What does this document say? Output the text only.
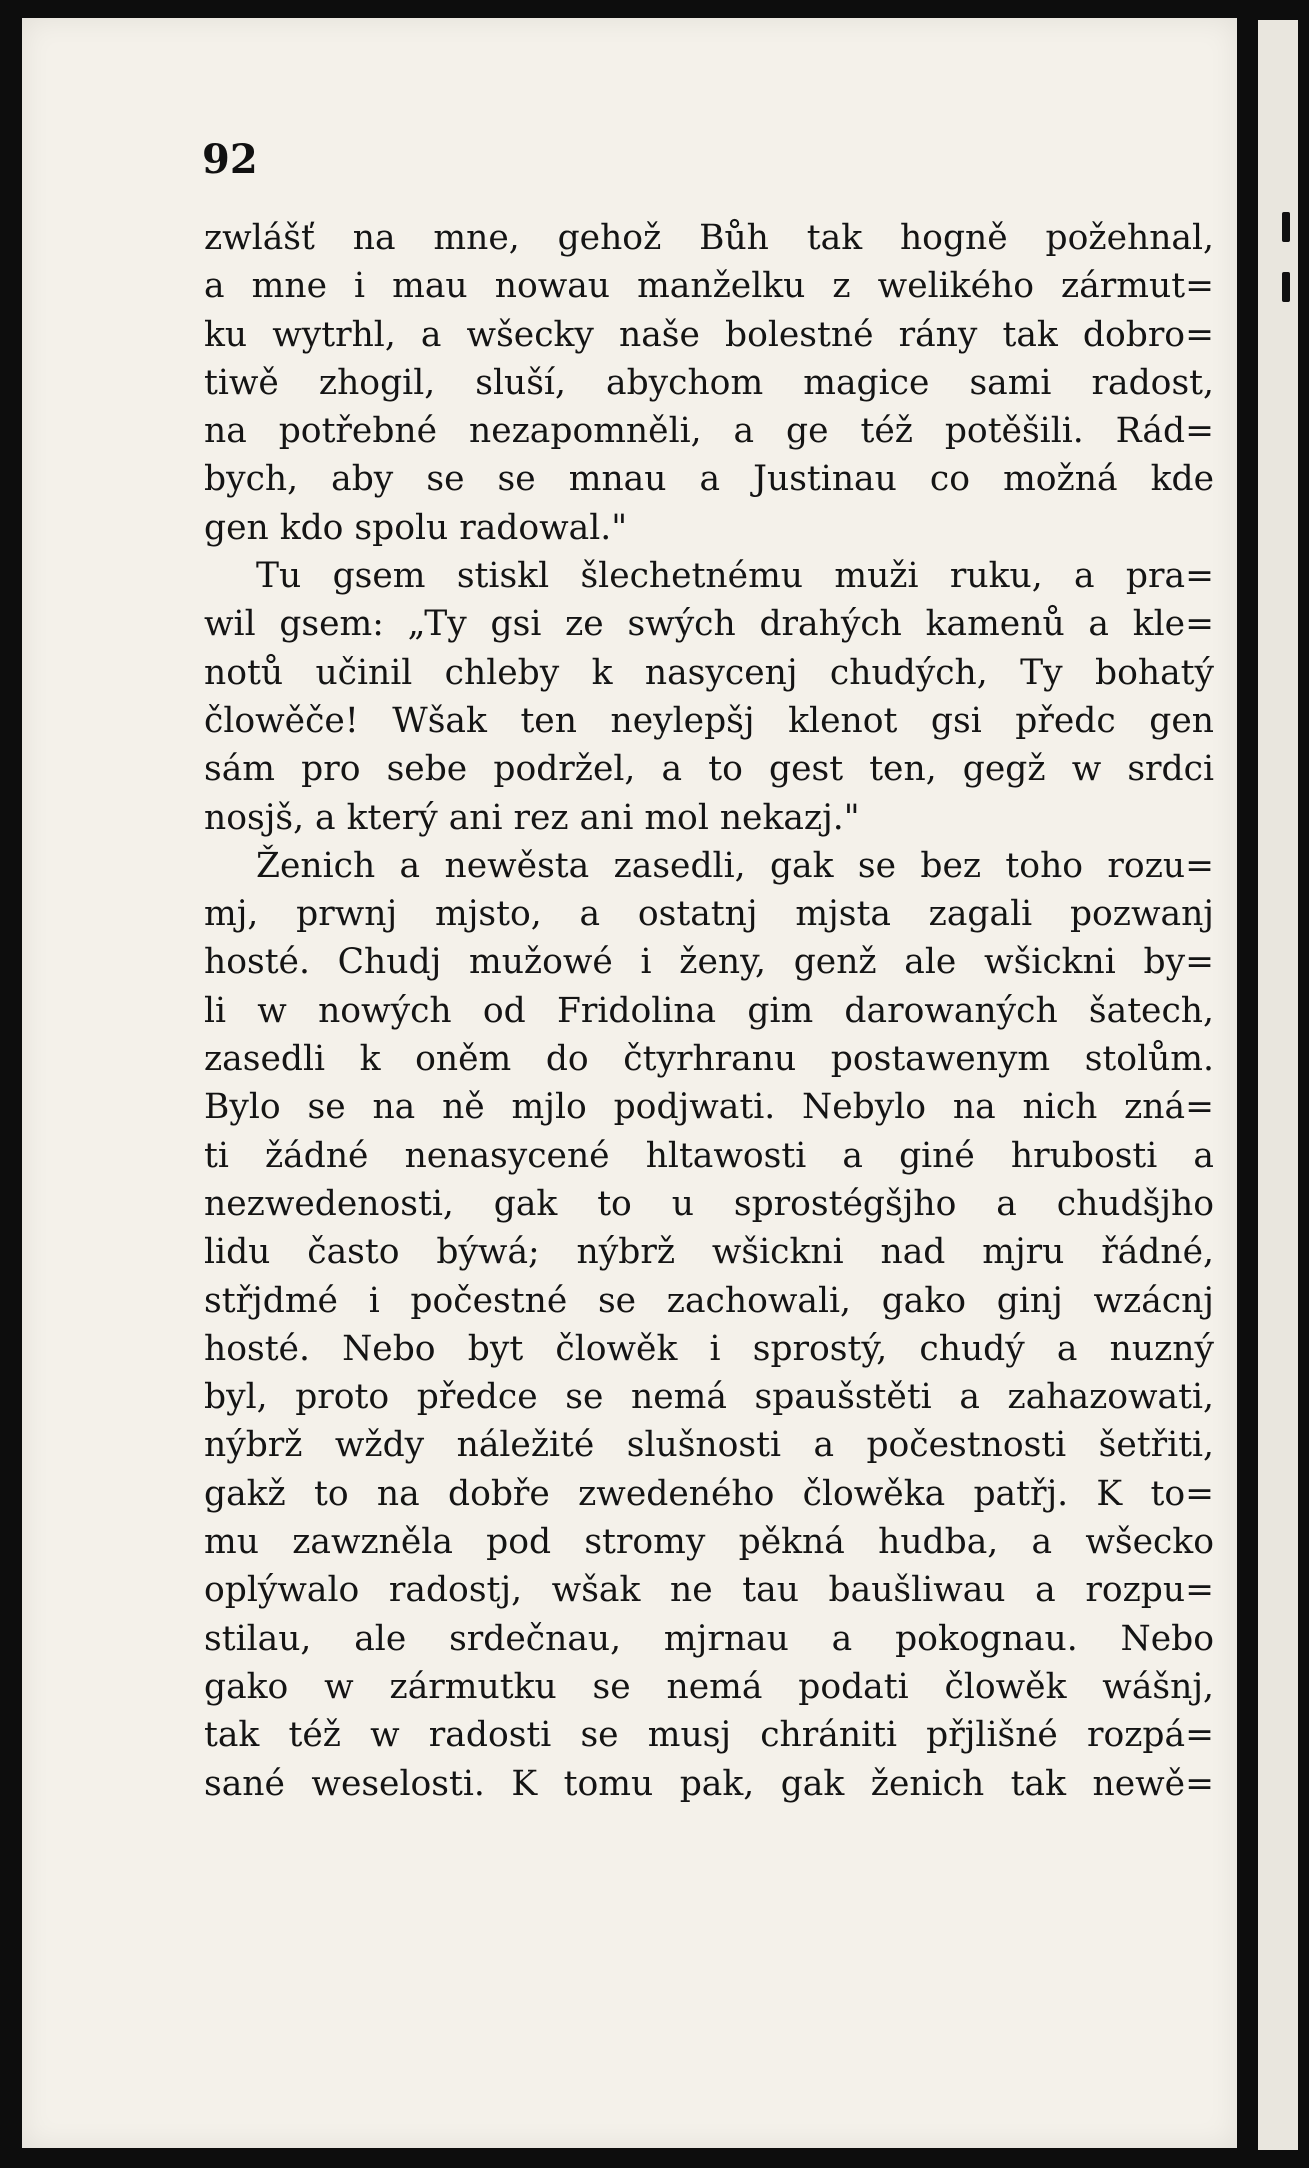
92
zwlášť na mne, gehož Bůh tak hogně požehnal,
a mne i mau nowau manželku z welikého zármut=
ku wytrhl, a wšecky naše bolestné rány tak dobro=
tiwě zhogil, sluší, abychom magice sami radost,
na potřebné nezapomněli, a ge též potěšili. Rád=
bych, aby se se mnau a Justinau co možná kde
gen kdo spolu radowal."
Tu gsem stiskl šlechetnému muži ruku, a pra=
wil gsem: „Ty gsi ze swých drahých kamenů a kle=
notů učinil chleby k nasycenj chudých, Ty bohatý
člowěče! Wšak ten neylepšj klenot gsi předc gen
sám pro sebe podržel, a to gest ten, gegž w srdci
nosjš, a který ani rez ani mol nekazj."
Ženich a newěsta zasedli, gak se bez toho rozu=
mj, prwnj mjsto, a ostatnj mjsta zagali pozwanj
hosté. Chudj mužowé i ženy, genž ale wšickni by=
li w nowých od Fridolina gim darowaných šatech,
zasedli k oněm do čtyrhranu postawenym stolům.
Bylo se na ně mjlo podjwati. Nebylo na nich zná=
ti žádné nenasycené hltawosti a giné hrubosti a
nezwedenosti, gak to u sprostégšjho a chudšjho
lidu často býwá; nýbrž wšickni nad mjru řádné,
střjdmé i počestné se zachowali, gako ginj wzácnj
hosté. Nebo byt člowěk i sprostý, chudý a nuzný
byl, proto předce se nemá spaušstěti a zahazowati,
nýbrž wždy náležité slušnosti a počestnosti šetřiti,
gakž to na dobře zwedeného člowěka patřj. K to=
mu zawzněla pod stromy pěkná hudba, a wšecko
oplýwalo radostj, wšak ne tau baušliwau a rozpu=
stilau, ale srdečnau, mjrnau a pokognau. Nebo
gako w zármutku se nemá podati člowěk wášnj,
tak též w radosti se musj chrániti přjlišné rozpá=
sané weselosti. K tomu pak, gak ženich tak newě=
